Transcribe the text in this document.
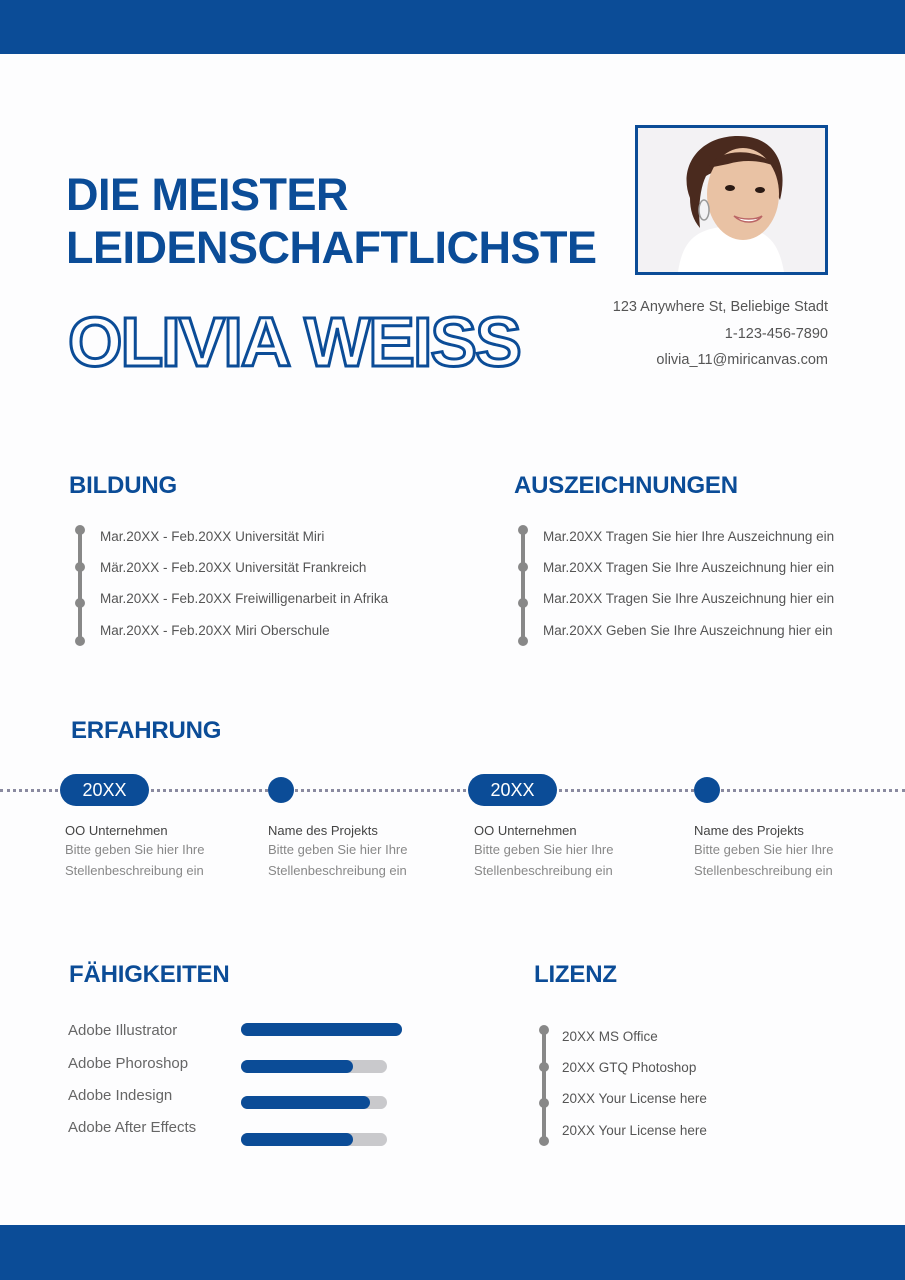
DIE MEISTER
LEIDENSCHAFTLICHSTE
OLIVIA WEISS	123 Anywhere St, Beliebige Stadt
1-123-456-7890
olivia_11@miricanvas.com
BILDUNG
Mar.20XX - Feb.20XX Universität Miri
Mär.20XX - Feb.20XX Universität Frankreich
Mar.20XX - Feb.20XX Freiwilligenarbeit in Afrika
Mar.20XX - Feb.20XX Miri Oberschule
AUSZEICHNUNGEN
Mar.20XX Tragen Sie hier Ihre Auszeichnung ein
Mar.20XX Tragen Sie Ihre Auszeichnung hier ein
Mar.20XX Tragen Sie Ihre Auszeichnung hier ein
Mar.20XX Geben Sie Ihre Auszeichnung hier ein
ERFAHRUNG
20XX	20XX
OO Unternehmen
Bitte geben Sie hier Ihre Stellenbeschreibung ein
Name des Projekts
Bitte geben Sie hier Ihre Stellenbeschreibung ein
OO Unternehmen
Bitte geben Sie hier Ihre Stellenbeschreibung ein
Name des Projekts
Bitte geben Sie hier Ihre Stellenbeschreibung ein
FÄHIGKEITEN
Adobe Illustrator
Adobe Phoroshop
Adobe Indesign
Adobe After Effects
LIZENZ
20XX MS Office
20XX GTQ Photoshop
20XX Your License here
20XX Your License here
